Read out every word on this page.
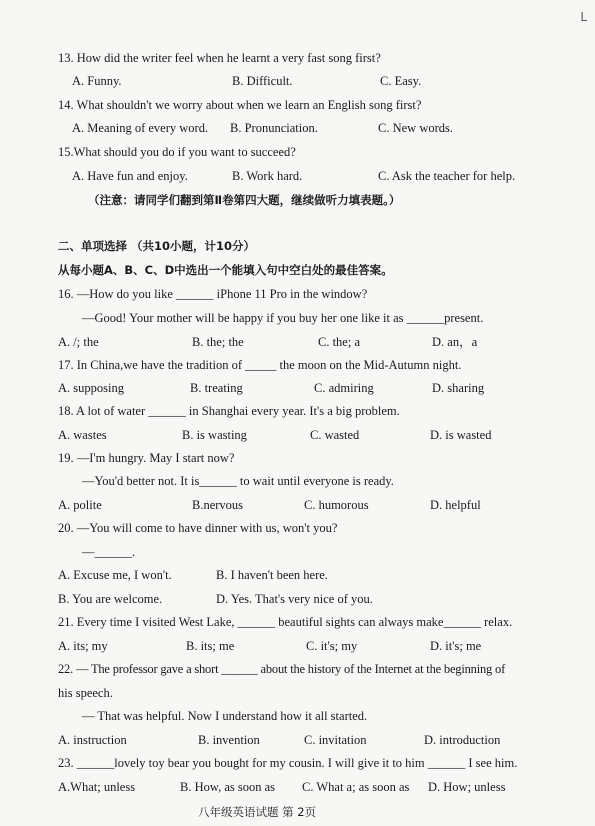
L
13. How did the writer feel when he learnt a very fast song first?
A. Funny.	B. Difficult.	C. Easy.
14. What shouldn't we worry about when we learn an English song first?
A. Meaning of every word. B. Pronunciation.	C. New words.
15.What should you do if you want to succeed?
A. Have fun and enjoy.	B. Work hard.	C. Ask the teacher for help.
（注意：请同学们翻到第Ⅱ卷第四大题，继续做听力填表题。）
二、单项选择 （共10小题，计10分）
从每小题A、B、C、D中选出一个能填入句中空白处的最佳答案。
16. —How do you like ______ iPhone 11 Pro in the window?
—Good! Your mother will be happy if you buy her one like it as ______present.
A. /; the	B. the; the	C. the; a	D. an，a
17. In China,we have the tradition of _____ the moon on the Mid-Autumn night.
A. supposing	B. treating	C. admiring	D. sharing
18. A lot of water ______ in Shanghai every year. It's a big problem.
A. wastes	B. is wasting	C. wasted	D. is wasted
19. —I'm hungry. May I start now?
—You'd better not. It is______ to wait until everyone is ready.
A. polite	B.nervous	C. humorous	D. helpful
20. —You will come to have dinner with us, won't you?
—______.
A. Excuse me, I won't.	B. I haven't been here.
B. You are welcome.	D. Yes. That's very nice of you.
21. Every time I visited West Lake, ______ beautiful sights can always make______ relax.
A. its; my	B. its; me	C. it's; my	D. it's; me
22. — The professor gave a short ______ about the history of the Internet at the beginning of
his speech.
— That was helpful. Now I understand how it all started.
A. instruction	B. invention	C. invitation	D. introduction
23. ______lovely toy bear you bought for my cousin. I will give it to him ______ I see him.
A.What; unless	B. How, as soon as C. What a; as soon as D. How; unless
八年级英语试题 第 2页
